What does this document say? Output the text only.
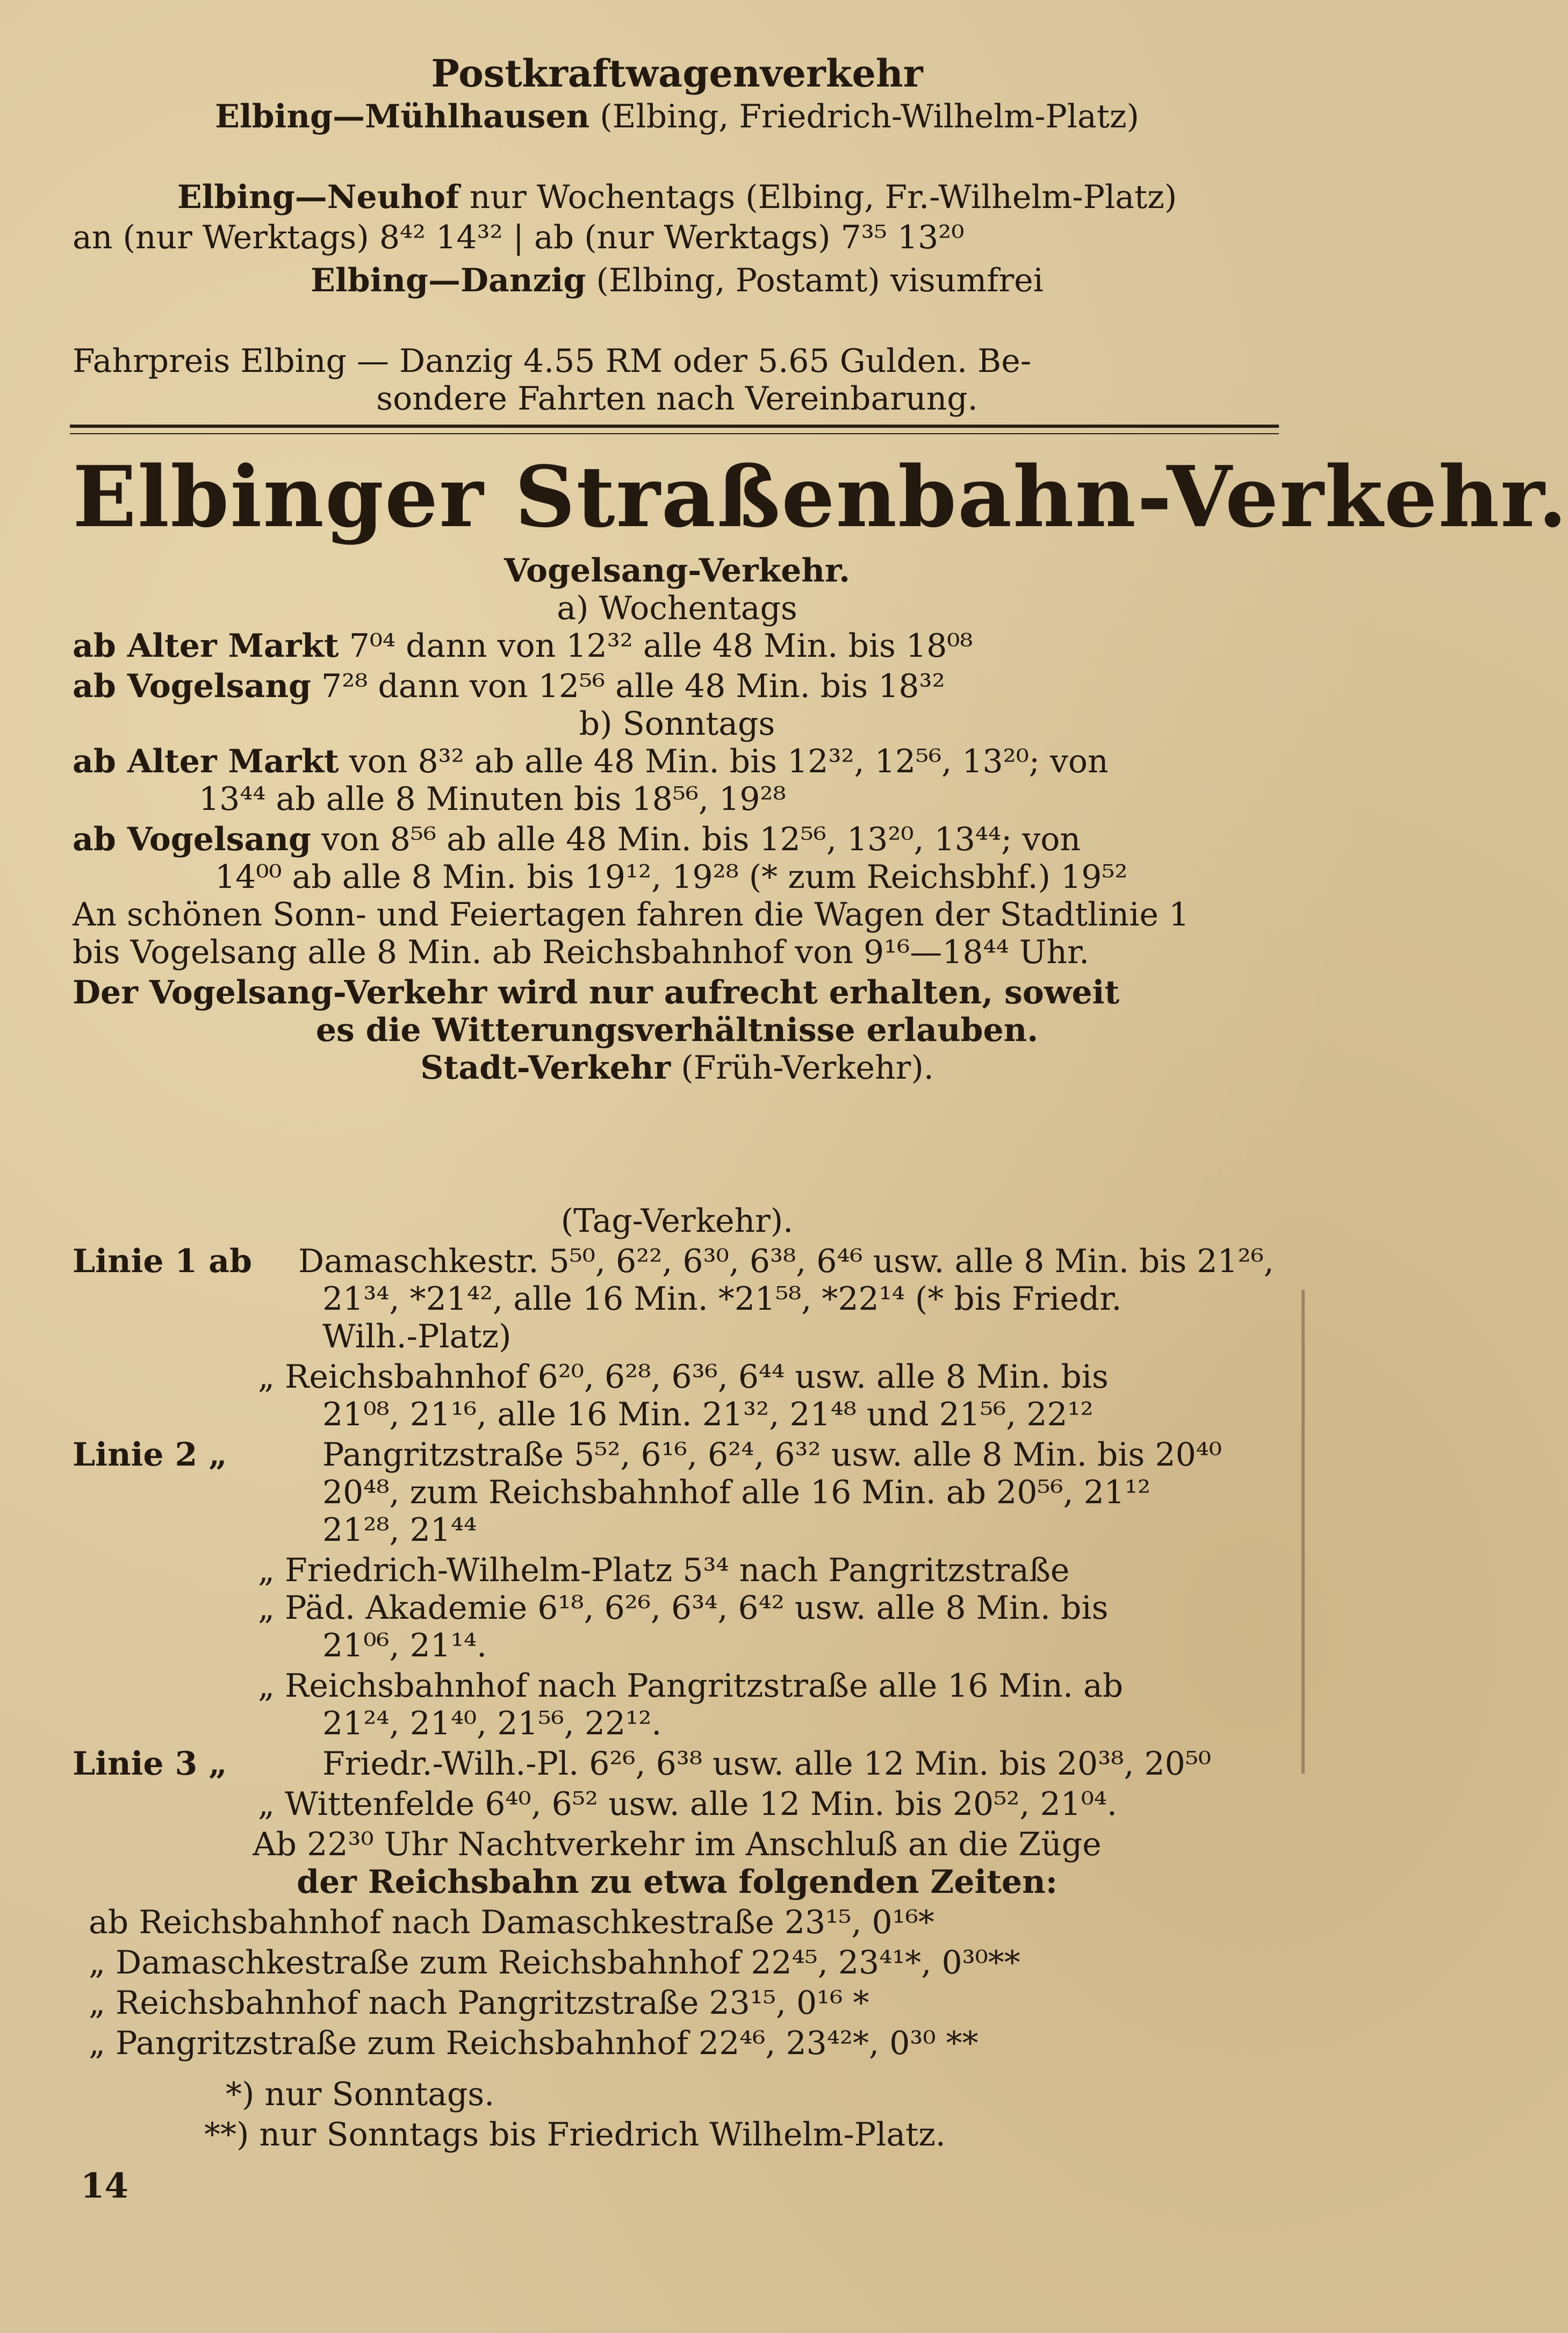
Postkraftwagenverkehr
Elbing—Mühlhausen (Elbing, Friedrich-Wilhelm-Platz)
Elbing—Neuhof nur Wochentags (Elbing, Fr.-Wilhelm-Platz)
an (nur Werktags) 8⁴² 14³² | ab (nur Werktags) 7³⁵ 13²⁰
Elbing—Danzig (Elbing, Postamt) visumfrei
Fahrpreis Elbing — Danzig 4.55 RM oder 5.65 Gulden. Be-
sondere Fahrten nach Vereinbarung.
Elbinger Straßenbahn-Verkehr.
Vogelsang-Verkehr.
a) Wochentags
ab Alter Markt 7⁰⁴ dann von 12³² alle 48 Min. bis 18⁰⁸
ab Vogelsang 7²⁸ dann von 12⁵⁶ alle 48 Min. bis 18³²
b) Sonntags
ab Alter Markt von 8³² ab alle 48 Min. bis 12³², 12⁵⁶, 13²⁰; von
13⁴⁴ ab alle 8 Minuten bis 18⁵⁶, 19²⁸
ab Vogelsang von 8⁵⁶ ab alle 48 Min. bis 12⁵⁶, 13²⁰, 13⁴⁴; von
14⁰⁰ ab alle 8 Min. bis 19¹², 19²⁸ (* zum Reichsbhf.) 19⁵²
An schönen Sonn- und Feiertagen fahren die Wagen der Stadtlinie 1
bis Vogelsang alle 8 Min. ab Reichsbahnhof von 9¹⁶—18⁴⁴ Uhr.
Der Vogelsang-Verkehr wird nur aufrecht erhalten, soweit
es die Witterungsverhältnisse erlauben.
Stadt-Verkehr (Früh-Verkehr).
(Tag-Verkehr).
Linie 1 ab	Damaschkestr. 5⁵⁰, 6²², 6³⁰, 6³⁸, 6⁴⁶ usw. alle 8 Min. bis 21²⁶,
21³⁴, *21⁴², alle 16 Min. *21⁵⁸, *22¹⁴ (* bis Friedr.
Wilh.-Platz)
„ Reichsbahnhof 6²⁰, 6²⁸, 6³⁶, 6⁴⁴ usw. alle 8 Min. bis
21⁰⁸, 21¹⁶, alle 16 Min. 21³², 21⁴⁸ und 21⁵⁶, 22¹²
Linie 2 „	Pangritzstraße 5⁵², 6¹⁶, 6²⁴, 6³² usw. alle 8 Min. bis 20⁴⁰
20⁴⁸, zum Reichsbahnhof alle 16 Min. ab 20⁵⁶, 21¹²
21²⁸, 21⁴⁴
„ Friedrich-Wilhelm-Platz 5³⁴ nach Pangritzstraße
„ Päd. Akademie 6¹⁸, 6²⁶, 6³⁴, 6⁴² usw. alle 8 Min. bis
21⁰⁶, 21¹⁴.
„ Reichsbahnhof nach Pangritzstraße alle 16 Min. ab
21²⁴, 21⁴⁰, 21⁵⁶, 22¹².
Linie 3 „	Friedr.-Wilh.-Pl. 6²⁶, 6³⁸ usw. alle 12 Min. bis 20³⁸, 20⁵⁰
„ Wittenfelde 6⁴⁰, 6⁵² usw. alle 12 Min. bis 20⁵², 21⁰⁴.
Ab 22³⁰ Uhr Nachtverkehr im Anschluß an die Züge
der Reichsbahn zu etwa folgenden Zeiten:
ab Reichsbahnhof nach Damaschkestraße 23¹⁵, 0¹⁶*
„ Damaschkestraße zum Reichsbahnhof 22⁴⁵, 23⁴¹*, 0³⁰**
„ Reichsbahnhof nach Pangritzstraße 23¹⁵, 0¹⁶ *
„ Pangritzstraße zum Reichsbahnhof 22⁴⁶, 23⁴²*, 0³⁰ **
*) nur Sonntags.
**) nur Sonntags bis Friedrich Wilhelm-Platz.
14
